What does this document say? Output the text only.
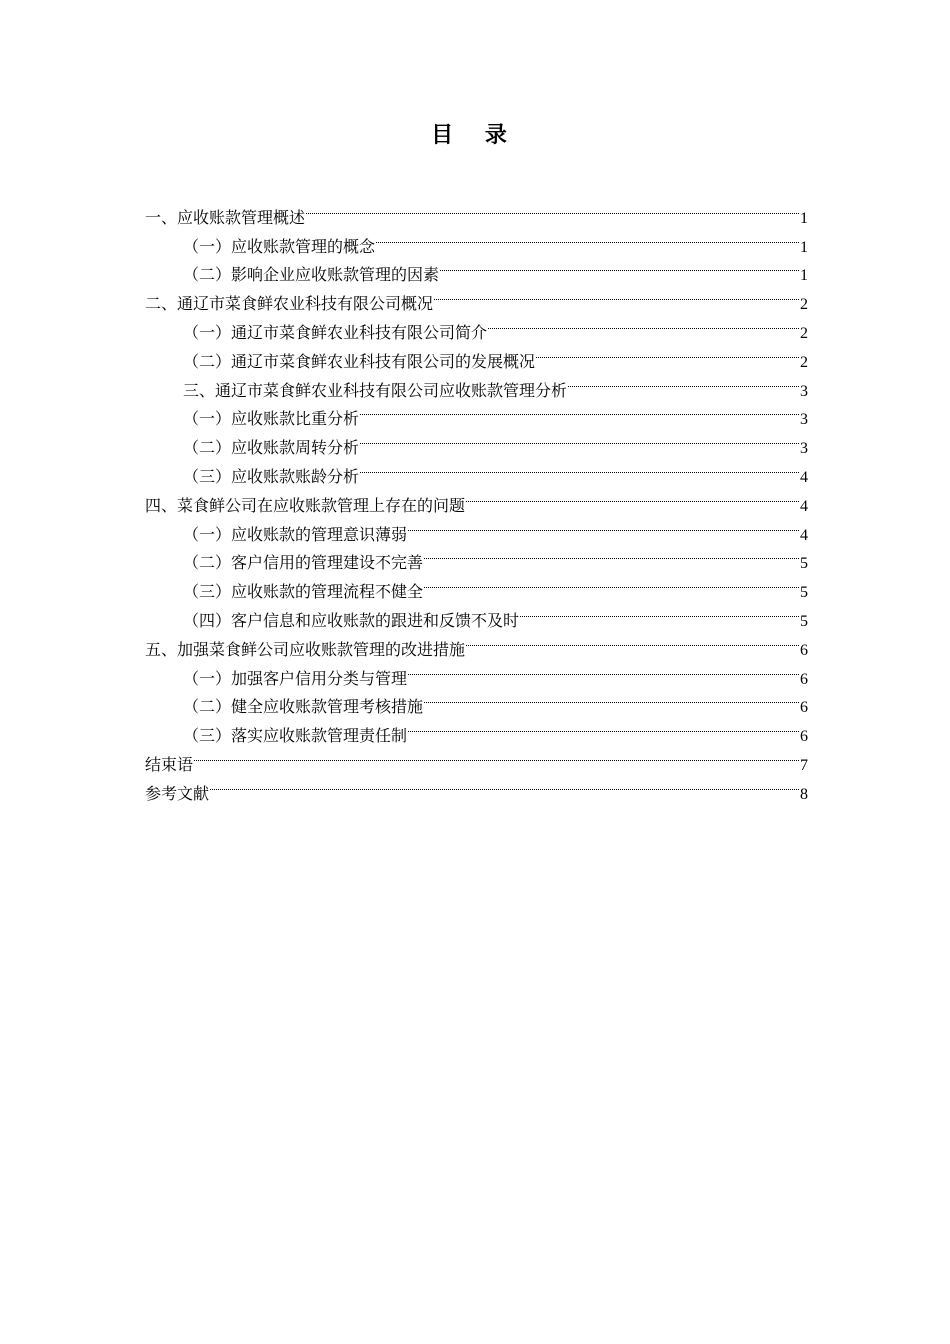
目 录
一、应收账款管理概述	1
（一）应收账款管理的概念	1
（二）影响企业应收账款管理的因素	1
二、通辽市菜食鲜农业科技有限公司概况	2
（一）通辽市菜食鲜农业科技有限公司简介	2
（二）通辽市菜食鲜农业科技有限公司的发展概况	2
三、通辽市菜食鲜农业科技有限公司应收账款管理分析	3
（一）应收账款比重分析	3
（二）应收账款周转分析	3
（三）应收账款账龄分析	4
四、菜食鲜公司在应收账款管理上存在的问题	4
（一）应收账款的管理意识薄弱	4
（二）客户信用的管理建设不完善	5
（三）应收账款的管理流程不健全	5
（四）客户信息和应收账款的跟进和反馈不及时	5
五、加强菜食鲜公司应收账款管理的改进措施	6
（一）加强客户信用分类与管理	6
（二）健全应收账款管理考核措施	6
（三）落实应收账款管理责任制	6
结束语	7
参考文献	8
